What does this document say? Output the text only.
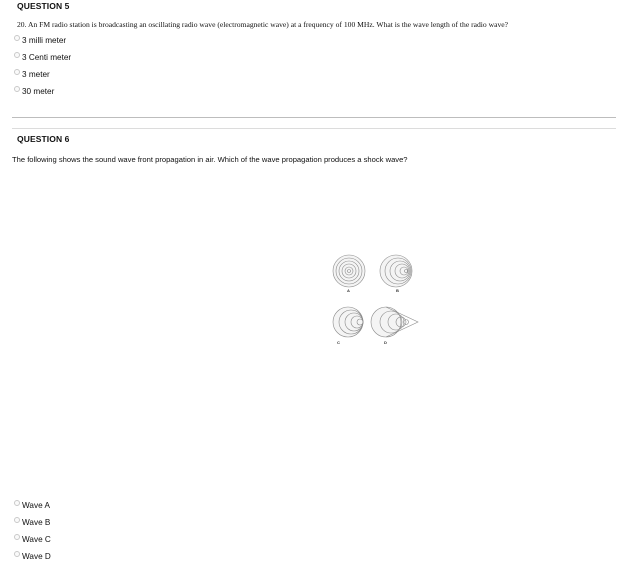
QUESTION 5
20. An FM radio station is broadcasting an oscillating radio wave (electromagnetic wave) at a frequency of 100 MHz. What is the wave length of the radio wave?
3 milli meter
3 Centi meter
3 meter
30 meter
QUESTION 6
The following shows the sound wave front propagation in air. Which of the wave propagation produces a shock wave?
A	B
C	D
Wave A
Wave B
Wave C
Wave D
